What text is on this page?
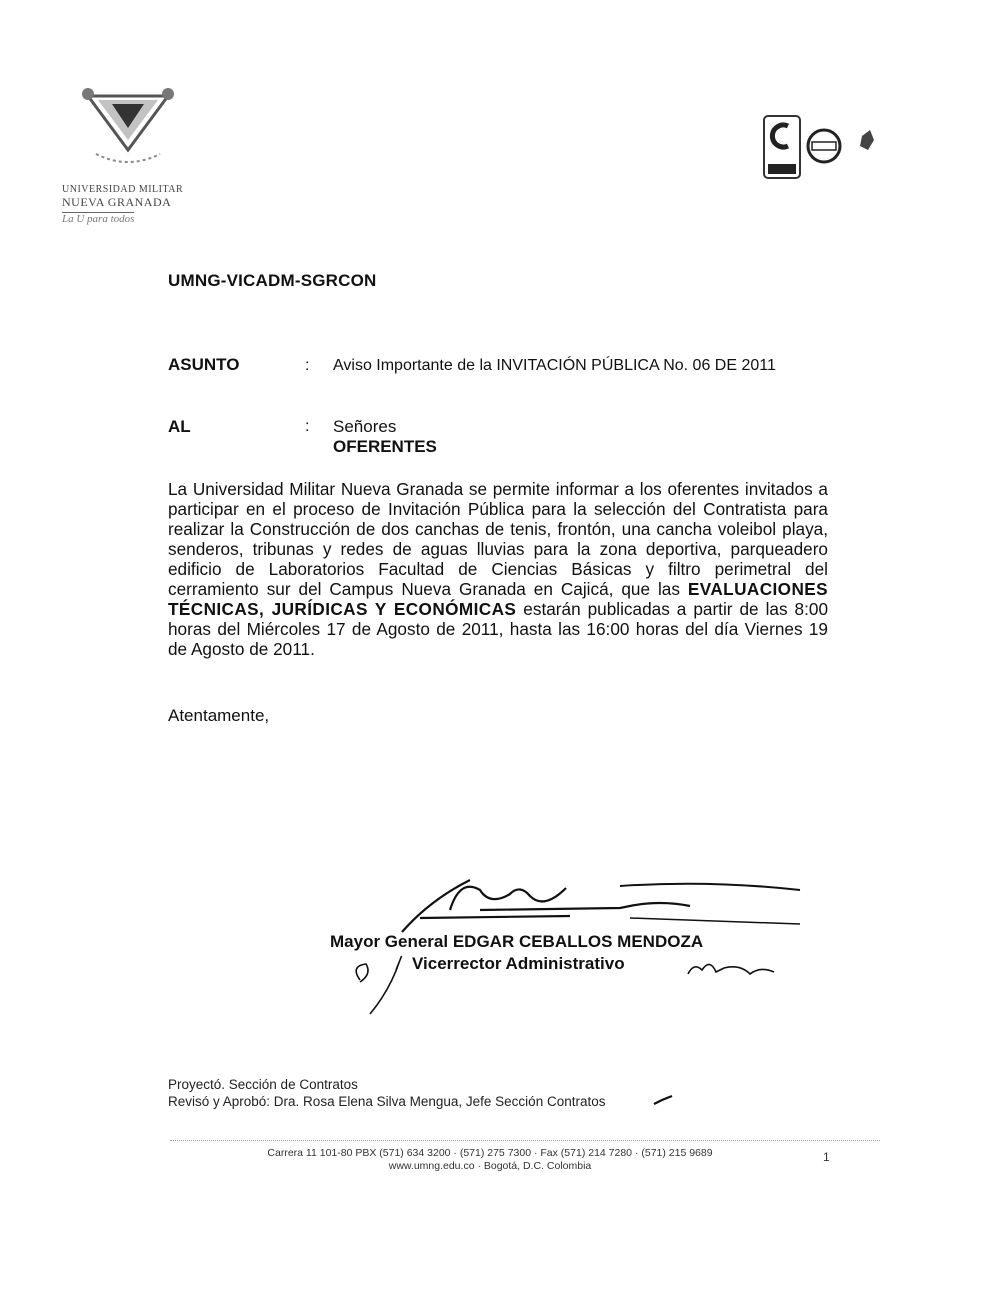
UNIVERSIDAD MILITAR
NUEVA GRANADA
La U para todos
UMNG-VICADM-SGRCON
ASUNTO	: Aviso Importante de la INVITACIÓN PÚBLICA No. 06 DE 2011
AL	: Señores
OFERENTES
La Universidad Militar Nueva Granada se permite informar a los oferentes invitados a participar en el proceso de Invitación Pública para la selección del Contratista para realizar la Construcción de dos canchas de tenis, frontón, una cancha voleibol playa, senderos, tribunas y redes de aguas lluvias para la zona deportiva, parqueadero edificio de Laboratorios Facultad de Ciencias Básicas y filtro perimetral del cerramiento sur del Campus Nueva Granada en Cajicá, que las EVALUACIONES TÉCNICAS, JURÍDICAS Y ECONÓMICAS estarán publicadas a partir de las 8:00 horas del Miércoles 17 de Agosto de 2011, hasta las 16:00 horas del día Viernes 19 de Agosto de 2011.
Atentamente,
Mayor General EDGAR CEBALLOS MENDOZA
Vicerrector Administrativo
Proyectó. Sección de Contratos
Revisó y Aprobó: Dra. Rosa Elena Silva Mengua, Jefe Sección Contratos
Carrera 11 101-80 PBX (571) 634 3200 · (571) 275 7300 · Fax (571) 214 7280 · (571) 215 9689
www.umng.edu.co · Bogotá, D.C. Colombia
1
